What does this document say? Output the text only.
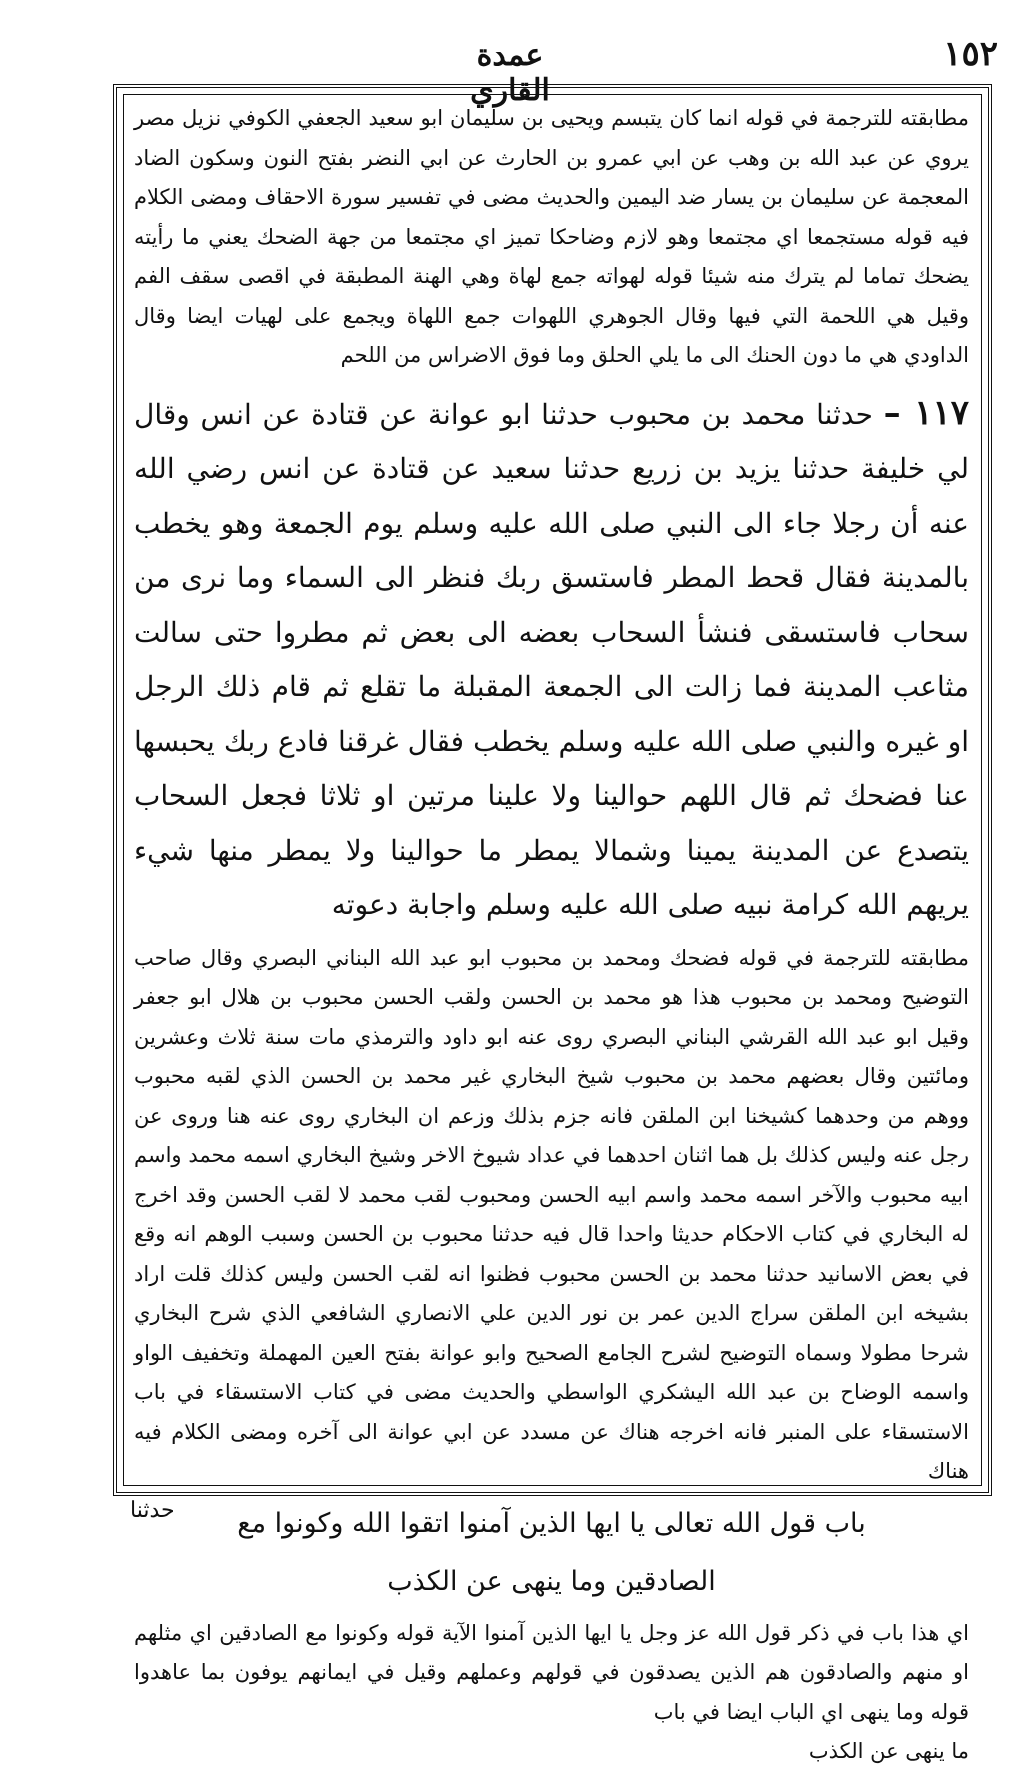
عمدة القاري
١٥٢

مطابقته للترجمة في قوله انما كان يتبسم ويحيى بن سليمان ابو سعيد الجعفي الكوفي نزيل مصر يروي عن عبد الله بن وهب عن ابي عمرو بن الحارث عن ابي النضر بفتح النون وسكون الضاد المعجمة عن سليمان بن يسار ضد اليمين والحديث مضى في تفسير سورة الاحقاف ومضى الكلام فيه قوله مستجمعا اي مجتمعا وهو لازم وضاحكا تميز اي مجتمعا من جهة الضحك يعني ما رأيته يضحك تماما لم يترك منه شيئا قوله لهواته جمع لهاة وهي الهنة المطبقة في اقصى سقف الفم وقيل هي اللحمة التي فيها وقال الجوهري اللهوات جمع اللهاة ويجمع على لهيات ايضا وقال الداودي هي ما دون الحنك الى ما يلي الحلق وما فوق الاضراس من اللحم

١١٧ – حدثنا محمد بن محبوب حدثنا ابو عوانة عن قتادة عن انس وقال لي خليفة حدثنا يزيد بن زريع حدثنا سعيد عن قتادة عن انس رضي الله عنه أن رجلا جاء الى النبي صلى الله عليه وسلم يوم الجمعة وهو يخطب بالمدينة فقال قحط المطر فاستسق ربك فنظر الى السماء وما نرى من سحاب فاستسقى فنشأ السحاب بعضه الى بعض ثم مطروا حتى سالت مثاعب المدينة فما زالت الى الجمعة المقبلة ما تقلع ثم قام ذلك الرجل او غيره والنبي صلى الله عليه وسلم يخطب فقال غرقنا فادع ربك يحبسها عنا فضحك ثم قال اللهم حوالينا ولا علينا مرتين او ثلاثا فجعل السحاب يتصدع عن المدينة يمينا وشمالا يمطر ما حوالينا ولا يمطر منها شيء يريهم الله كرامة نبيه صلى الله عليه وسلم واجابة دعوته

مطابقته للترجمة في قوله فضحك ومحمد بن محبوب ابو عبد الله البناني البصري وقال صاحب التوضيح ومحمد بن محبوب هذا هو محمد بن الحسن ولقب الحسن محبوب بن هلال ابو جعفر وقيل ابو عبد الله القرشي البناني البصري روى عنه ابو داود والترمذي مات سنة ثلاث وعشرين ومائتين وقال بعضهم محمد بن محبوب شيخ البخاري غير محمد بن الحسن الذي لقبه محبوب ووهم من وحدهما كشيخنا ابن الملقن فانه جزم بذلك وزعم ان البخاري روى عنه هنا وروى عن رجل عنه وليس كذلك بل هما اثنان احدهما في عداد شيوخ الاخر وشيخ البخاري اسمه محمد واسم ابيه محبوب والآخر اسمه محمد واسم ابيه الحسن ومحبوب لقب محمد لا لقب الحسن وقد اخرج له البخاري في كتاب الاحكام حديثا واحدا قال فيه حدثنا محبوب بن الحسن وسبب الوهم انه وقع في بعض الاسانيد حدثنا محمد بن الحسن محبوب فظنوا انه لقب الحسن وليس كذلك قلت اراد بشيخه ابن الملقن سراج الدين عمر بن نور الدين علي الانصاري الشافعي الذي شرح البخاري شرحا مطولا وسماه التوضيح لشرح الجامع الصحيح وابو عوانة بفتح العين المهملة وتخفيف الواو واسمه الوضاح بن عبد الله اليشكري الواسطي والحديث مضى في كتاب الاستسقاء في باب الاستسقاء على المنبر فانه اخرجه هناك عن مسدد عن ابي عوانة الى آخره ومضى الكلام فيه هناك

باب قول الله تعالى يا ايها الذين آمنوا اتقوا الله وكونوا مع

الصادقين وما ينهى عن الكذب

اي هذا باب في ذكر قول الله عز وجل يا ايها الذين آمنوا الآية قوله وكونوا مع الصادقين اي مثلهم او منهم والصادقون هم الذين يصدقون في قولهم وعملهم وقيل في ايمانهم يوفون بما عاهدوا قوله وما ينهى اي الباب ايضا في باب

ما ينهى عن الكذب

حدثنا
